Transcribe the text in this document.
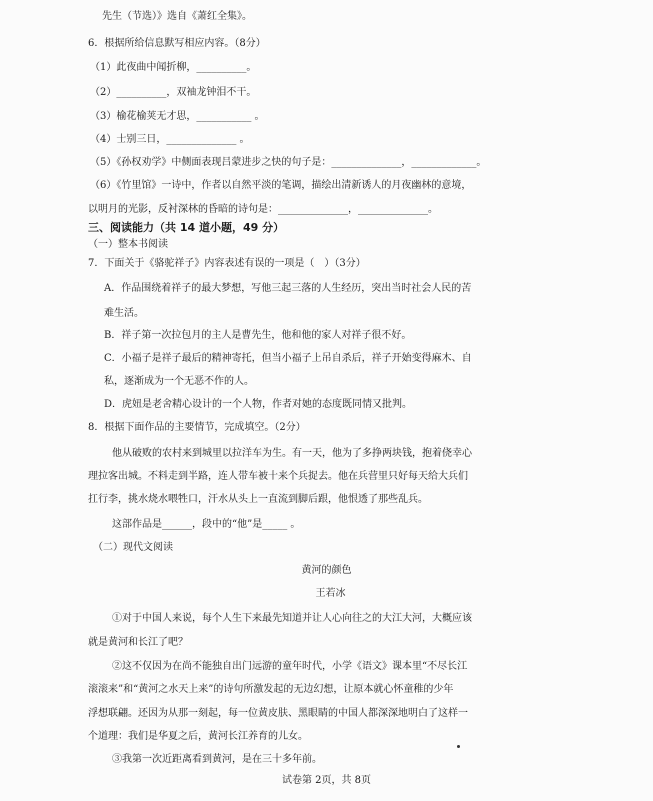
先生（节选）》选自《萧红全集》。
6．根据所给信息默写相应内容。（8分）
（1）此夜曲中闻折柳，__________。
（2）__________，双袖龙钟泪不干。
（3）榆花榆荚无才思，___________ 。
（4）士别三日，______________ 。
（5）《孙权劝学》中侧面表现吕蒙进步之快的句子是：______________，_____________。
（6）《竹里馆》一诗中，作者以自然平淡的笔调，描绘出清新诱人的月夜幽林的意境，
以明月的光影，反衬深林的昏暗的诗句是：______________，______________。
三、阅读能力（共 14 道小题，49 分）
（一）整本书阅读
7．下面关于《骆驼祥子》内容表述有误的一项是（　）（3分）
A．作品围绕着祥子的最大梦想，写他三起三落的人生经历，突出当时社会人民的苦
难生活。
B．祥子第一次拉包月的主人是曹先生，他和他的家人对祥子很不好。
C．小福子是祥子最后的精神寄托，但当小福子上吊自杀后，祥子开始变得麻木、自
私，逐渐成为一个无恶不作的人。
D．虎妞是老舍精心设计的一个人物，作者对她的态度既同情又批判。
8．根据下面作品的主要情节，完成填空。（2分）
他从破败的农村来到城里以拉洋车为生。有一天，他为了多挣两块钱，抱着侥幸心
理拉客出城。不料走到半路，连人带车被十来个兵捉去。他在兵营里只好每天给大兵们
扛行李，挑水烧水喂牲口，汗水从头上一直流到脚后跟，他恨透了那些乱兵。
这部作品是______，段中的“他”是_____ 。
（二）现代文阅读
黄河的颜色
王若冰
①对于中国人来说，每个人生下来最先知道并让人心向往之的大江大河，大概应该
就是黄河和长江了吧？
②这不仅因为在尚不能独自出门远游的童年时代，小学《语文》课本里“不尽长江
滚滚来”和“黄河之水天上来”的诗句所激发起的无边幻想，让原本就心怀童稚的少年
浮想联翩。还因为从那一刻起，每一位黄皮肤、黑眼睛的中国人都深深地明白了这样一
个道理：我们是华夏之后，黄河长江养育的儿女。
③我第一次近距离看到黄河，是在三十多年前。
试卷第 2页，共 8页
